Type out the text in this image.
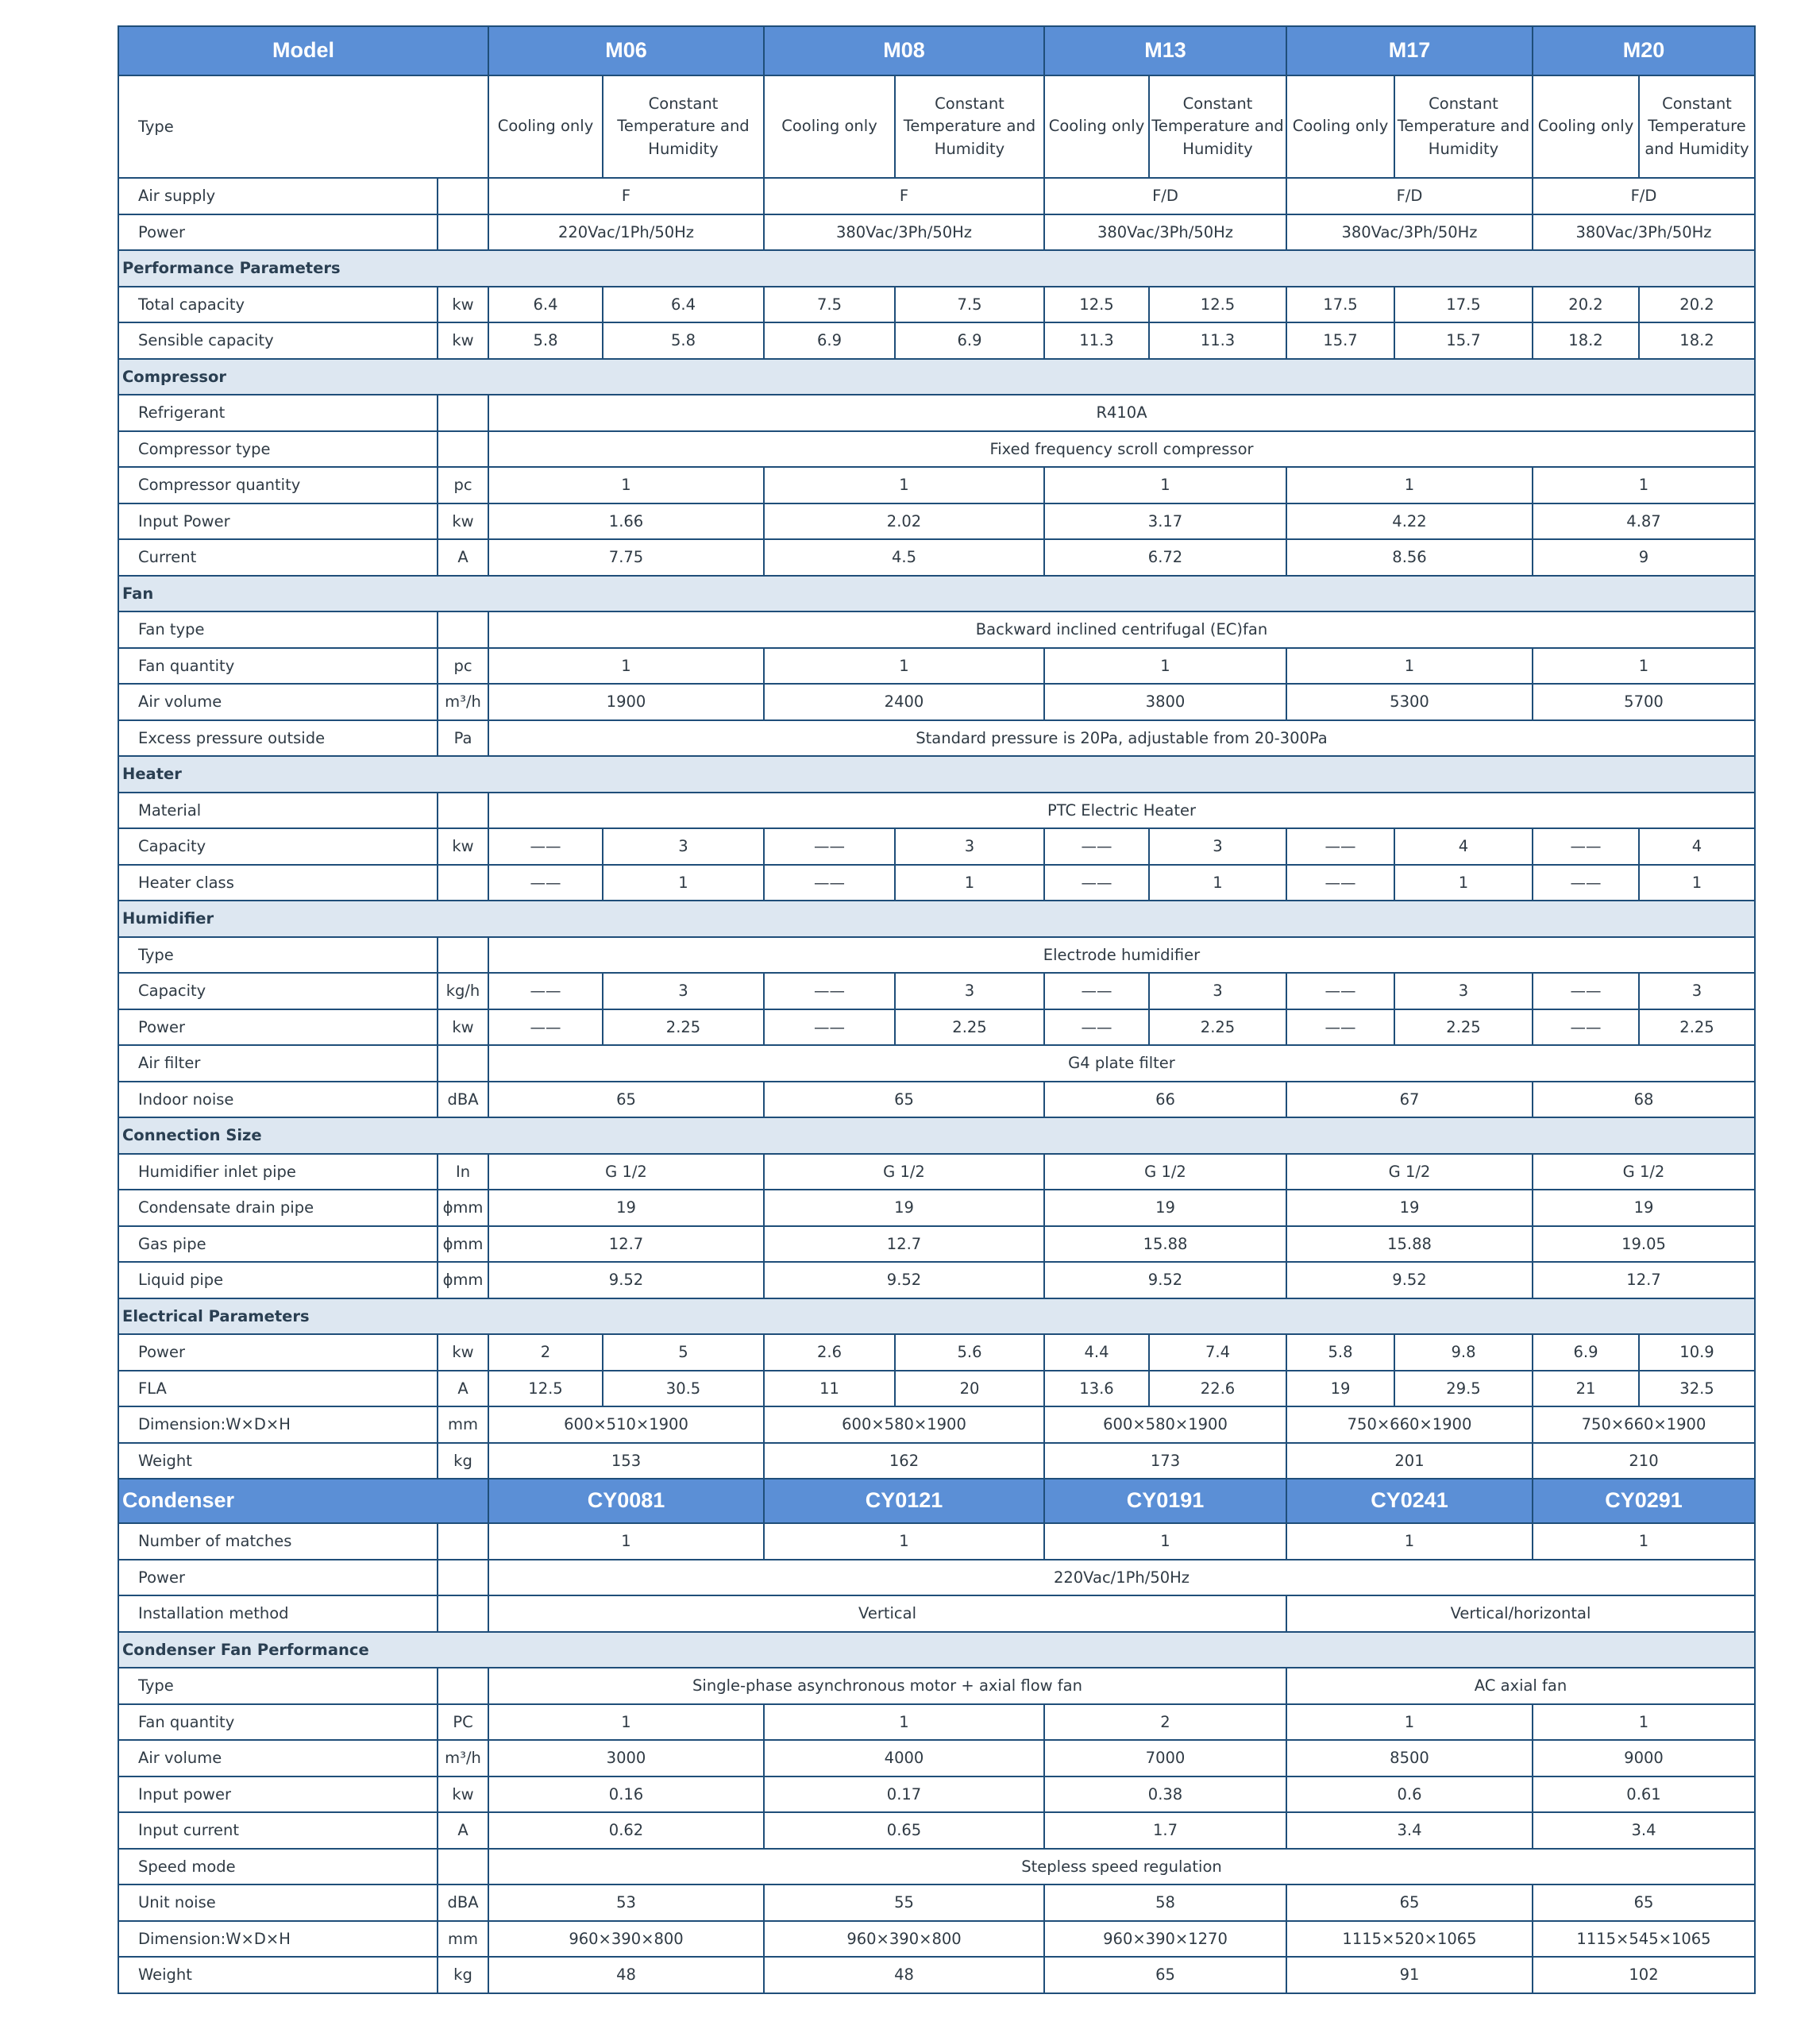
Model		M06		M08		M13		M17		M20	
Type		Cooling only	Constant Temperature and Humidity	Cooling only	Constant Temperature and Humidity	Cooling only	Constant Temperature and Humidity	Cooling only	Constant Temperature and Humidity	Cooling only	Constant Temperature and Humidity
Air supply		F		F		F/D		F/D		F/D	
Power		220Vac/1Ph/50Hz		380Vac/3Ph/50Hz		380Vac/3Ph/50Hz		380Vac/3Ph/50Hz		380Vac/3Ph/50Hz	
Performance Parameters											
Total capacity	kw	6.4	6.4	7.5	7.5	12.5	12.5	17.5	17.5	20.2	20.2
Sensible capacity	kw	5.8	5.8	6.9	6.9	11.3	11.3	15.7	15.7	18.2	18.2
Compressor											
Refrigerant		R410A									
Compressor type		Fixed frequency scroll compressor									
Compressor quantity	pc	1		1		1		1		1	
Input Power	kw	1.66		2.02		3.17		4.22		4.87	
Current	A	7.75		4.5		6.72		8.56		9	
Fan											
Fan type		Backward inclined centrifugal (EC)fan									
Fan quantity	pc	1		1		1		1		1	
Air volume	m³/h	1900		2400		3800		5300		5700	
Excess pressure outside	Pa	Standard pressure is 20Pa, adjustable from 20-300Pa									
Heater											
Material		PTC Electric Heater									
Capacity	kw	——	3	——	3	——	3	——	4	——	4
Heater class		——	1	——	1	——	1	——	1	——	1
Humidifier											
Type		Electrode humidifier									
Capacity	kg/h	——	3	——	3	——	3	——	3	——	3
Power	kw	——	2.25	——	2.25	——	2.25	——	2.25	——	2.25
Air filter		G4 plate filter									
Indoor noise	dBA	65		65		66		67		68	
Connection Size											
Humidifier inlet pipe	In	G 1/2		G 1/2		G 1/2		G 1/2		G 1/2	
Condensate drain pipe	ϕmm	19		19		19		19		19	
Gas pipe	ϕmm	12.7		12.7		15.88		15.88		19.05	
Liquid pipe	ϕmm	9.52		9.52		9.52		9.52		12.7	
Electrical Parameters											
Power	kw	2	5	2.6	5.6	4.4	7.4	5.8	9.8	6.9	10.9
FLA	A	12.5	30.5	11	20	13.6	22.6	19	29.5	21	32.5
Dimension:W×D×H	mm	600×510×1900		600×580×1900		600×580×1900		750×660×1900		750×660×1900	
Weight	kg	153		162		173		201		210	
Condenser		CY0081		CY0121		CY0191		CY0241		CY0291	
Number of matches		1		1		1		1		1	
Power		220Vac/1Ph/50Hz									
Installation method		Vertical						Vertical/horizontal			
Condenser Fan Performance											
Type		Single-phase asynchronous motor + axial flow fan						AC axial fan			
Fan quantity	PC	1		1		2		1		1	
Air volume	m³/h	3000		4000		7000		8500		9000	
Input power	kw	0.16		0.17		0.38		0.6		0.61	
Input current	A	0.62		0.65		1.7		3.4		3.4	
Speed mode		Stepless speed regulation									
Unit noise	dBA	53		55		58		65		65	
Dimension:W×D×H	mm	960×390×800		960×390×800		960×390×1270		1115×520×1065		1115×545×1065	
Weight	kg	48		48		65		91		102	
